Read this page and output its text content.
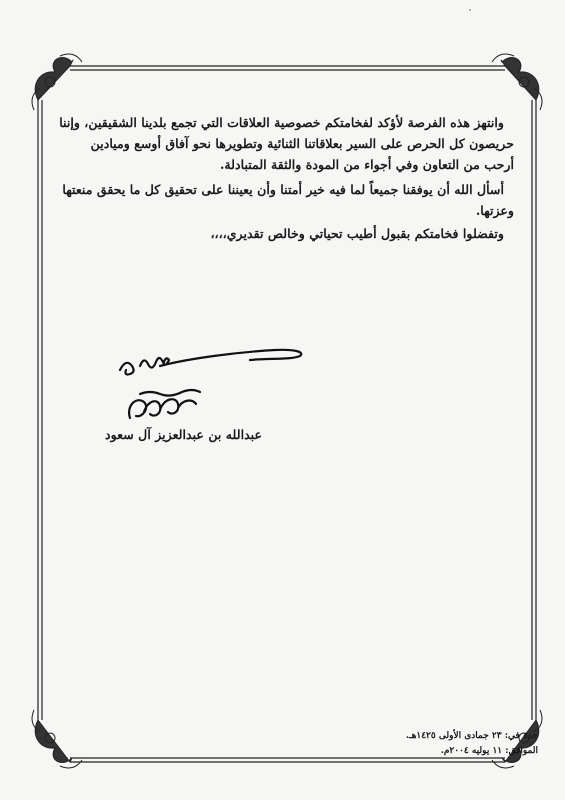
وانتهز هذه الفرصة لأؤكد لفخامتكم خصوصية العلاقات التي تجمع بلدينا الشقيقين، وإننا حريصون كل الحرص على السير بعلاقاتنا الثنائية وتطويرها نحو آفاق أوسع وميادين أرحب من التعاون وفي أجواء من المودة والثقة المتبادلة.

أسأل الله أن يوفقنا جميعاً لما فيه خير أمتنا وأن يعيننا على تحقيق كل ما يحقق منعتها وعزتها.

وتفضلوا فخامتكم بقبول أطيب تحياتي وخالص تقديري،،،،

عبدالله بن عبدالعزيز آل سعود
جدة في: ٢٣ جمادى الأولى ١٤٢٥هـ.
الموافق: ١١ يوليه ٢٠٠٤م.
